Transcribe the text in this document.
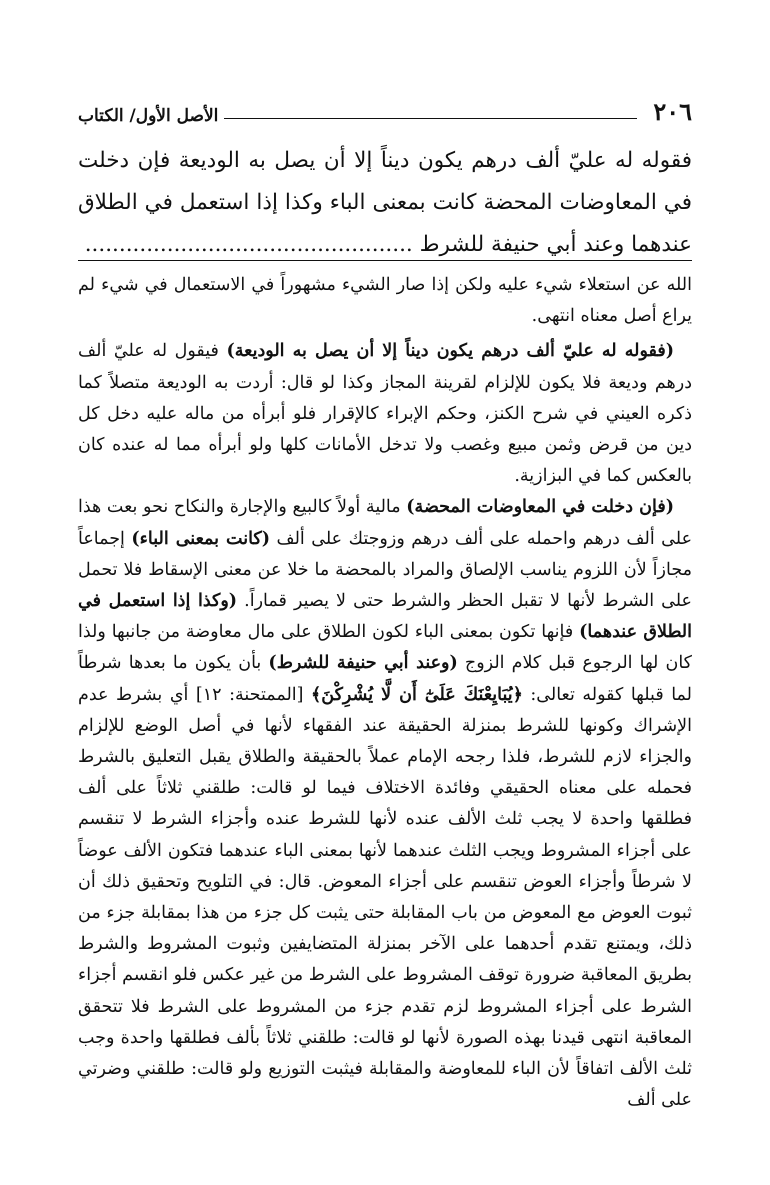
٢٠٦
الأصل الأول/ الكتاب
فقوله له عليّ ألف درهم يكون ديناً إلا أن يصل به الوديعة فإن دخلت في المعاوضات المحضة كانت بمعنى الباء وكذا إذا استعمل في الطلاق عندهما وعند أبي حنيفة للشرط ................................................

الله عن استعلاء شيء عليه ولكن إذا صار الشيء مشهوراً في الاستعمال في شيء لم يراع أصل معناه انتهى.

(فقوله له عليّ ألف درهم يكون ديناً إلا أن يصل به الوديعة) فيقول له عليّ ألف درهم وديعة فلا يكون للإلزام لقرينة المجاز وكذا لو قال: أردت به الوديعة متصلاً كما ذكره العيني في شرح الكنز، وحكم الإبراء كالإقرار فلو أبرأه من ماله عليه دخل كل دين من قرض وثمن مبيع وغصب ولا تدخل الأمانات كلها ولو أبرأه مما له عنده كان بالعكس كما في البزازية.

(فإن دخلت في المعاوضات المحضة) مالية أولاً كالبيع والإجارة والنكاح نحو بعت هذا على ألف درهم واحمله على ألف درهم وزوجتك على ألف (كانت بمعنى الباء) إجماعاً مجازاً لأن اللزوم يناسب الإلصاق والمراد بالمحضة ما خلا عن معنى الإسقاط فلا تحمل على الشرط لأنها لا تقبل الحظر والشرط حتى لا يصير قماراً. (وكذا إذا استعمل في الطلاق عندهما) فإنها تكون بمعنى الباء لكون الطلاق على مال معاوضة من جانبها ولذا كان لها الرجوع قبل كلام الزوج (وعند أبي حنيفة للشرط) بأن يكون ما بعدها شرطاً لما قبلها كقوله تعالى: ﴿يُبَايِعْنَكَ عَلَىٰٓ أَن لَّا يُشْرِكْنَ﴾ [الممتحنة: ١٢] أي بشرط عدم الإشراك وكونها للشرط بمنزلة الحقيقة عند الفقهاء لأنها في أصل الوضع للإلزام والجزاء لازم للشرط، فلذا رجحه الإمام عملاً بالحقيقة والطلاق يقبل التعليق بالشرط فحمله على معناه الحقيقي وفائدة الاختلاف فيما لو قالت: طلقني ثلاثاً على ألف فطلقها واحدة لا يجب ثلث الألف عنده لأنها للشرط عنده وأجزاء الشرط لا تنقسم على أجزاء المشروط ويجب الثلث عندهما لأنها بمعنى الباء عندهما فتكون الألف عوضاً لا شرطاً وأجزاء العوض تنقسم على أجزاء المعوض. قال: في التلويح وتحقيق ذلك أن ثبوت العوض مع المعوض من باب المقابلة حتى يثبت كل جزء من هذا بمقابلة جزء من ذلك، ويمتنع تقدم أحدهما على الآخر بمنزلة المتضايفين وثبوت المشروط والشرط بطريق المعاقبة ضرورة توقف المشروط على الشرط من غير عكس فلو انقسم أجزاء الشرط على أجزاء المشروط لزم تقدم جزء من المشروط على الشرط فلا تتحقق المعاقبة انتهى قيدنا بهذه الصورة لأنها لو قالت: طلقني ثلاثاً بألف فطلقها واحدة وجب ثلث الألف اتفاقاً لأن الباء للمعاوضة والمقابلة فيثبت التوزيع ولو قالت: طلقني وضرتي على ألف
